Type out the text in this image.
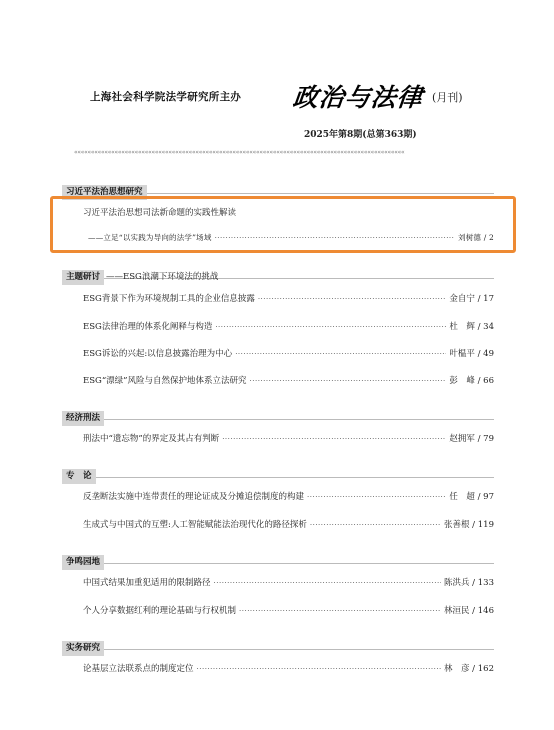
上海社会科学院法学研究所主办 政治与法律 (月刊)
2025年第8期(总第363期)
««««««««««««««««««««««««««««««««««««««««««««««««««««««««««««««««««««««««««««««««««««««««««««««««««
习近平法治思想研究
习近平法治思想司法新命题的实践性解读
——立足“以实践为导向的法学”场域 ·····	刘树德 / 2
主题研讨 ——ESG浪潮下环境法的挑战
ESG背景下作为环境规制工具的企业信息披露 ·····	金自宁 / 17
ESG法律治理的体系化阐释与构造 ·····	杜　辉 / 34
ESG诉讼的兴起:以信息披露治理为中心 ·····	叶榅平 / 49
ESG“漂绿”风险与自然保护地体系立法研究 ·····	彭　峰 / 66
经济刑法
刑法中“遗忘物”的界定及其占有判断 ·····	赵拥军 / 79
专　论
反垄断法实施中连带责任的理论证成及分摊追偿制度的构建 ·····	任　超 / 97
生成式与中国式的互塑:人工智能赋能法治现代化的路径探析 ·····	张善根 / 119
争鸣园地
中国式结果加重犯适用的限制路径 ·····	陈洪兵 / 133
个人分享数据红利的理论基础与行权机制 ·····	林洹民 / 146
实务研究
论基层立法联系点的制度定位 ·····	林　彦 / 162
